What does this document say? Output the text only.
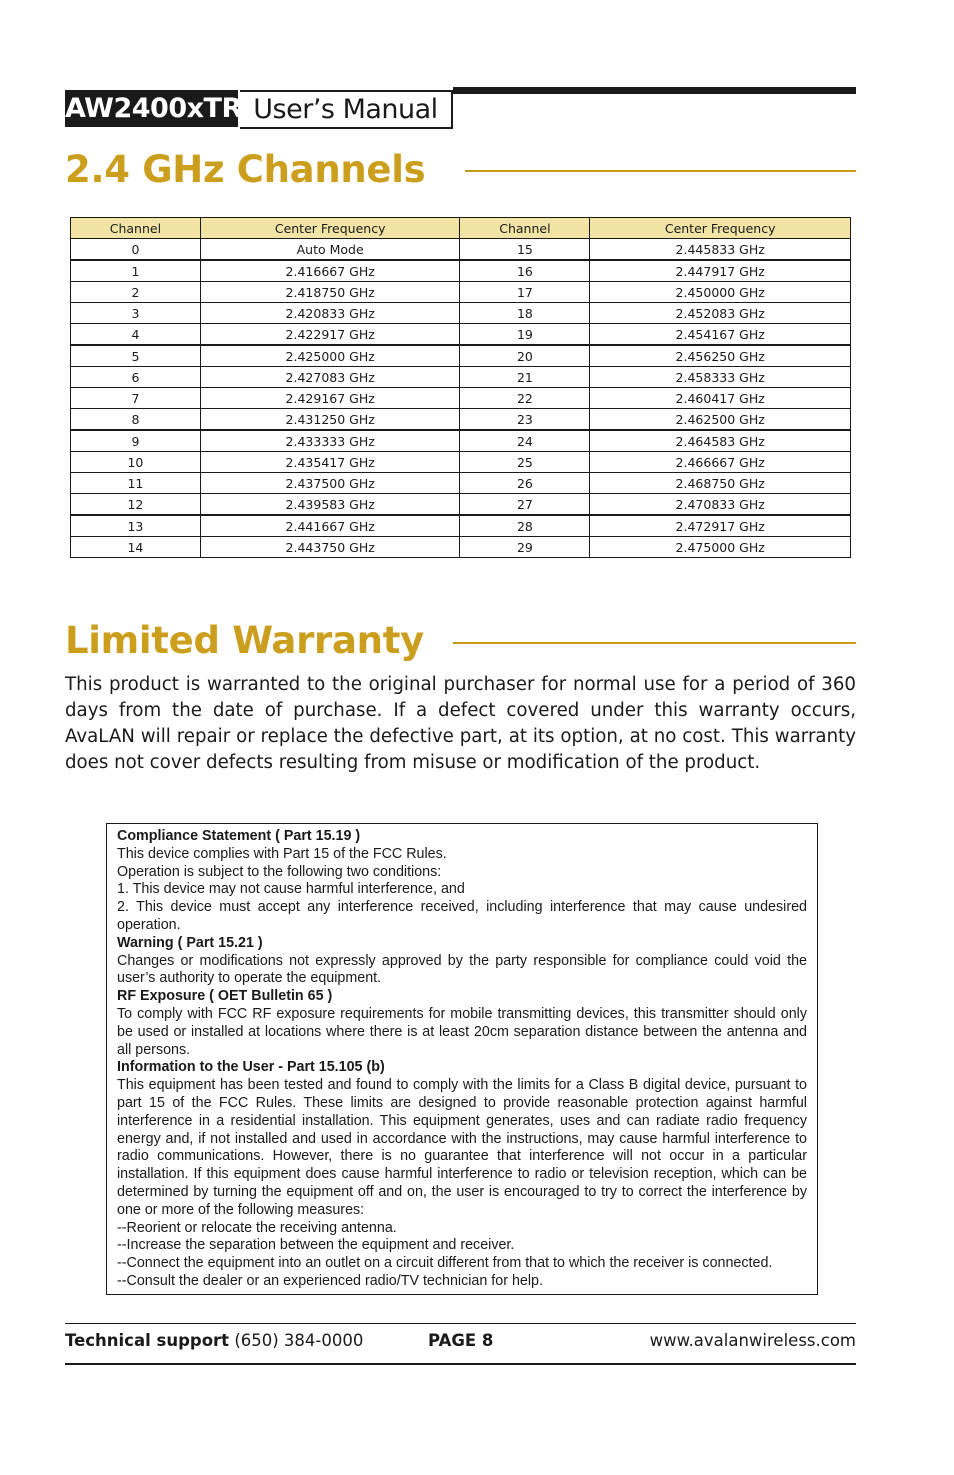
AW2400xTR User’s Manual
2.4 GHz Channels
Channel	Center Frequency	Channel	Center Frequency
0	Auto Mode	15	2.445833 GHz
1	2.416667 GHz	16	2.447917 GHz
2	2.418750 GHz	17	2.450000 GHz
3	2.420833 GHz	18	2.452083 GHz
4	2.422917 GHz	19	2.454167 GHz
5	2.425000 GHz	20	2.456250 GHz
6	2.427083 GHz	21	2.458333 GHz
7	2.429167 GHz	22	2.460417 GHz
8	2.431250 GHz	23	2.462500 GHz
9	2.433333 GHz	24	2.464583 GHz
10	2.435417 GHz	25	2.466667 GHz
11	2.437500 GHz	26	2.468750 GHz
12	2.439583 GHz	27	2.470833 GHz
13	2.441667 GHz	28	2.472917 GHz
14	2.443750 GHz	29	2.475000 GHz
Limited Warranty
This product is warranted to the original purchaser for normal use for a period of 360 days from the date of purchase. If a defect covered under this warranty occurs, AvaLAN will repair or replace the defective part, at its option, at no cost. This warranty does not cover defects resulting from misuse or modification of the product.

Compliance Statement ( Part 15.19 )

This device complies with Part 15 of the FCC Rules.

Operation is subject to the following two conditions:

1. This device may not cause harmful interference, and

2. This device must accept any interference received, including interference that may cause undesired operation.

Warning ( Part 15.21 )

Changes or modifications not expressly approved by the party responsible for compliance could void the user’s authority to operate the equipment.

RF Exposure ( OET Bulletin 65 )

To comply with FCC RF exposure requirements for mobile transmitting devices, this transmitter should only be used or installed at locations where there is at least 20cm separation distance between the antenna and all persons.

Information to the User - Part 15.105 (b)

This equipment has been tested and found to comply with the limits for a Class B digital device, pursuant to part 15 of the FCC Rules. These limits are designed to provide reasonable protection against harmful interference in a residential installation. This equipment generates, uses and can radiate radio frequency energy and, if not installed and used in accordance with the instructions, may cause harmful interference to radio communications. However, there is no guarantee that interference will not occur in a particular installation. If this equipment does cause harmful interference to radio or television reception, which can be determined by turning the equipment off and on, the user is encouraged to try to correct the interference by one or more of the following measures:

--Reorient or relocate the receiving antenna.

--Increase the separation between the equipment and receiver.

--Connect the equipment into an outlet on a circuit different from that to which the receiver is connected.

--Consult the dealer or an experienced radio/TV technician for help.

Technical support (650) 384-0000	PAGE 8	www.avalanwireless.com
